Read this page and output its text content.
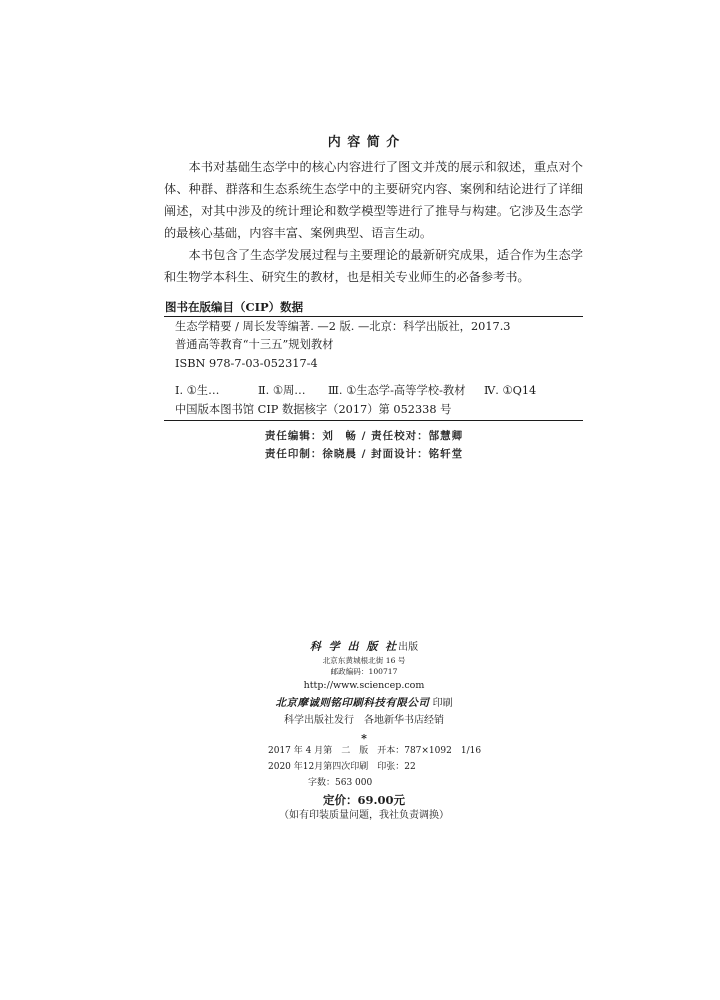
内 容 简 介
本书对基础生态学中的核心内容进行了图文并茂的展示和叙述，重点对个
体、种群、群落和生态系统生态学中的主要研究内容、案例和结论进行了详细
阐述，对其中涉及的统计理论和数学模型等进行了推导与构建。它涉及生态学
的最核心基础，内容丰富、案例典型、语言生动。
本书包含了生态学发展过程与主要理论的最新研究成果，适合作为生态学
和生物学本科生、研究生的教材，也是相关专业师生的必备参考书。
图书在版编目（CIP）数据
生态学精要 / 周长发等编著. —2 版. —北京：科学出版社，2017.3
普通高等教育“十三五”规划教材
ISBN 978-7-03-052317-4
Ⅰ. ①生…	Ⅱ. ①周… Ⅲ. ①生态学-高等学校-教材 Ⅳ. ①Q14
中国版本图书馆 CIP 数据核字（2017）第 052338 号
责任编辑：刘　畅 / 责任校对：郜慧卿
责任印制：徐晓晨 / 封面设计：铭轩堂
科 学 出 版 社出版
北京东黄城根北街 16 号
邮政编码：100717
http://www.sciencep.com
北京摩诚则铭印刷科技有限公司 印刷
科学出版社发行　各地新华书店经销
*
2017 年 4 月第　二　版　开本：787×1092　1/16
2020 年12月第四次印刷　印张：22
字数：563 000
定价：69.00元
（如有印装质量问题，我社负责调换）
